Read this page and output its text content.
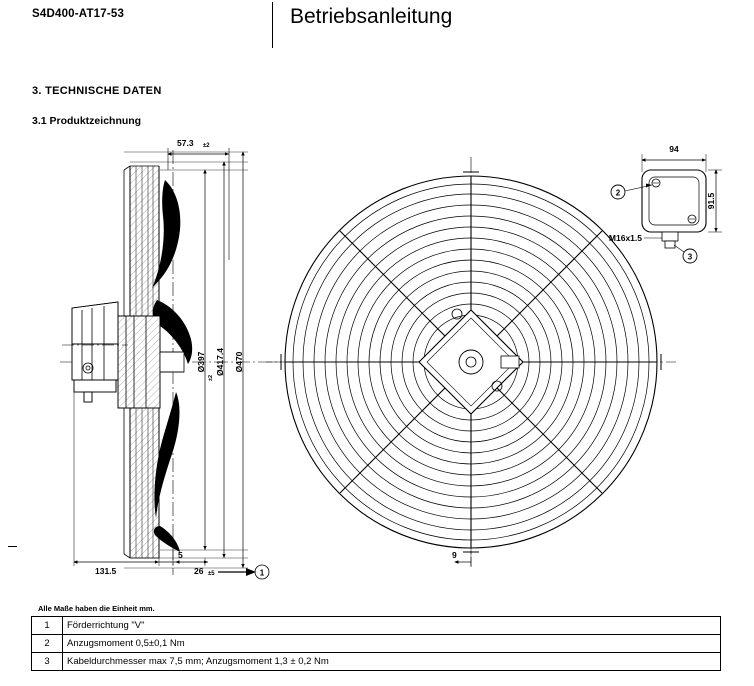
S4D400-AT17-53	Betriebsanleitung
3. TECHNISCHE DATEN
3.1 Produktzeichnung
57.3 ±2
Ø397
±2
Ø417.4 Ø470
131.5
5
26 ±5	1
9
94
91.5
2
3
M16x1.5
Alle Maße haben die Einheit mm.
1	Förderrichtung "V"
2	Anzugsmoment 0,5±0,1 Nm
3	Kabeldurchmesser max 7,5 mm; Anzugsmoment 1,3 ± 0,2 Nm
